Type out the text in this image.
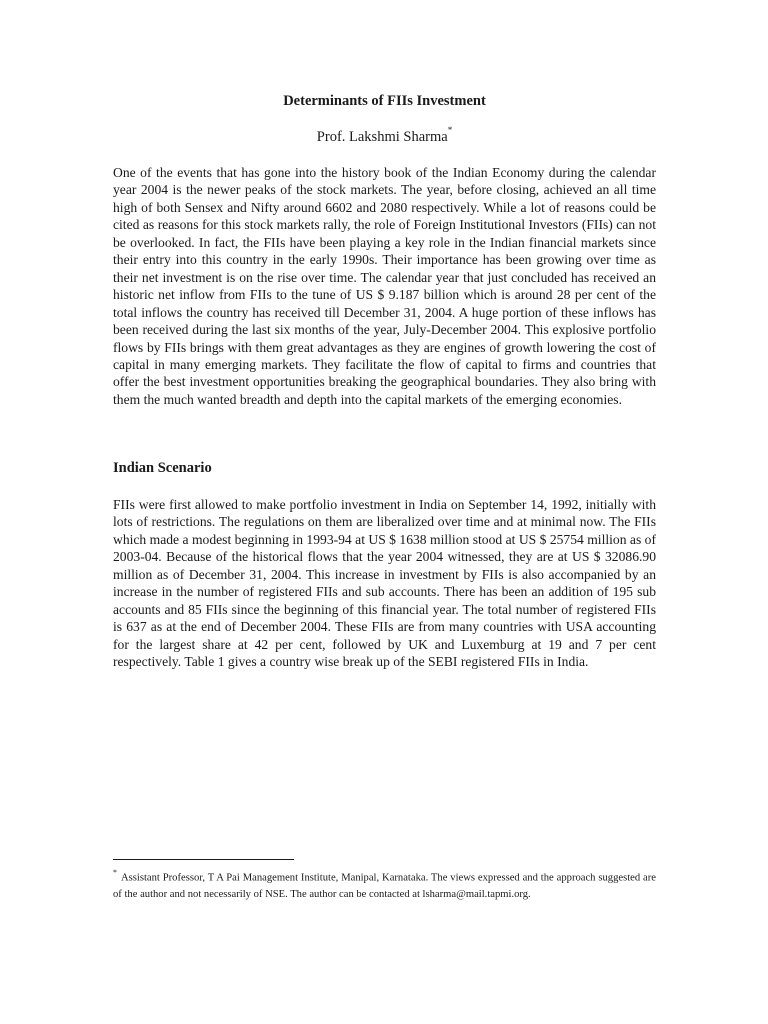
Determinants of FIIs Investment

Prof. Lakshmi Sharma*

One of the events that has gone into the history book of the Indian Economy during the calendar year 2004 is the newer peaks of the stock markets. The year, before closing, achieved an all time high of both Sensex and Nifty around 6602 and 2080 respectively. While a lot of reasons could be cited as reasons for this stock markets rally, the role of Foreign Institutional Investors (FIIs) can not be overlooked. In fact, the FIIs have been playing a key role in the Indian financial markets since their entry into this country in the early 1990s. Their importance has been growing over time as their net investment is on the rise over time. The calendar year that just concluded has received an historic net inflow from FIIs to the tune of US $ 9.187 billion which is around 28 per cent of the total inflows the country has received till December 31, 2004. A huge portion of these inflows has been received during the last six months of the year, July-December 2004. This explosive portfolio flows by FIIs brings with them great advantages as they are engines of growth lowering the cost of capital in many emerging markets. They facilitate the flow of capital to firms and countries that offer the best investment opportunities breaking the geographical boundaries. They also bring with them the much wanted breadth and depth into the capital markets of the emerging economies.

Indian Scenario

FIIs were first allowed to make portfolio investment in India on September 14, 1992, initially with lots of restrictions. The regulations on them are liberalized over time and at minimal now. The FIIs which made a modest beginning in 1993-94 at US $ 1638 million stood at US $ 25754 million as of 2003-04. Because of the historical flows that the year 2004 witnessed, they are at US $ 32086.90 million as of December 31, 2004. This increase in investment by FIIs is also accompanied by an increase in the number of registered FIIs and sub accounts. There has been an addition of 195 sub accounts and 85 FIIs since the beginning of this financial year. The total number of registered FIIs is 637 as at the end of December 2004. These FIIs are from many countries with USA accounting for the largest share at 42 per cent, followed by UK and Luxemburg at 19 and 7 per cent respectively. Table 1 gives a country wise break up of the SEBI registered FIIs in India.

*Assistant Professor, T A Pai Management Institute, Manipal, Karnataka. The views expressed and the approach suggested are of the author and not necessarily of NSE. The author can be contacted at lsharma@mail.tapmi.org.
